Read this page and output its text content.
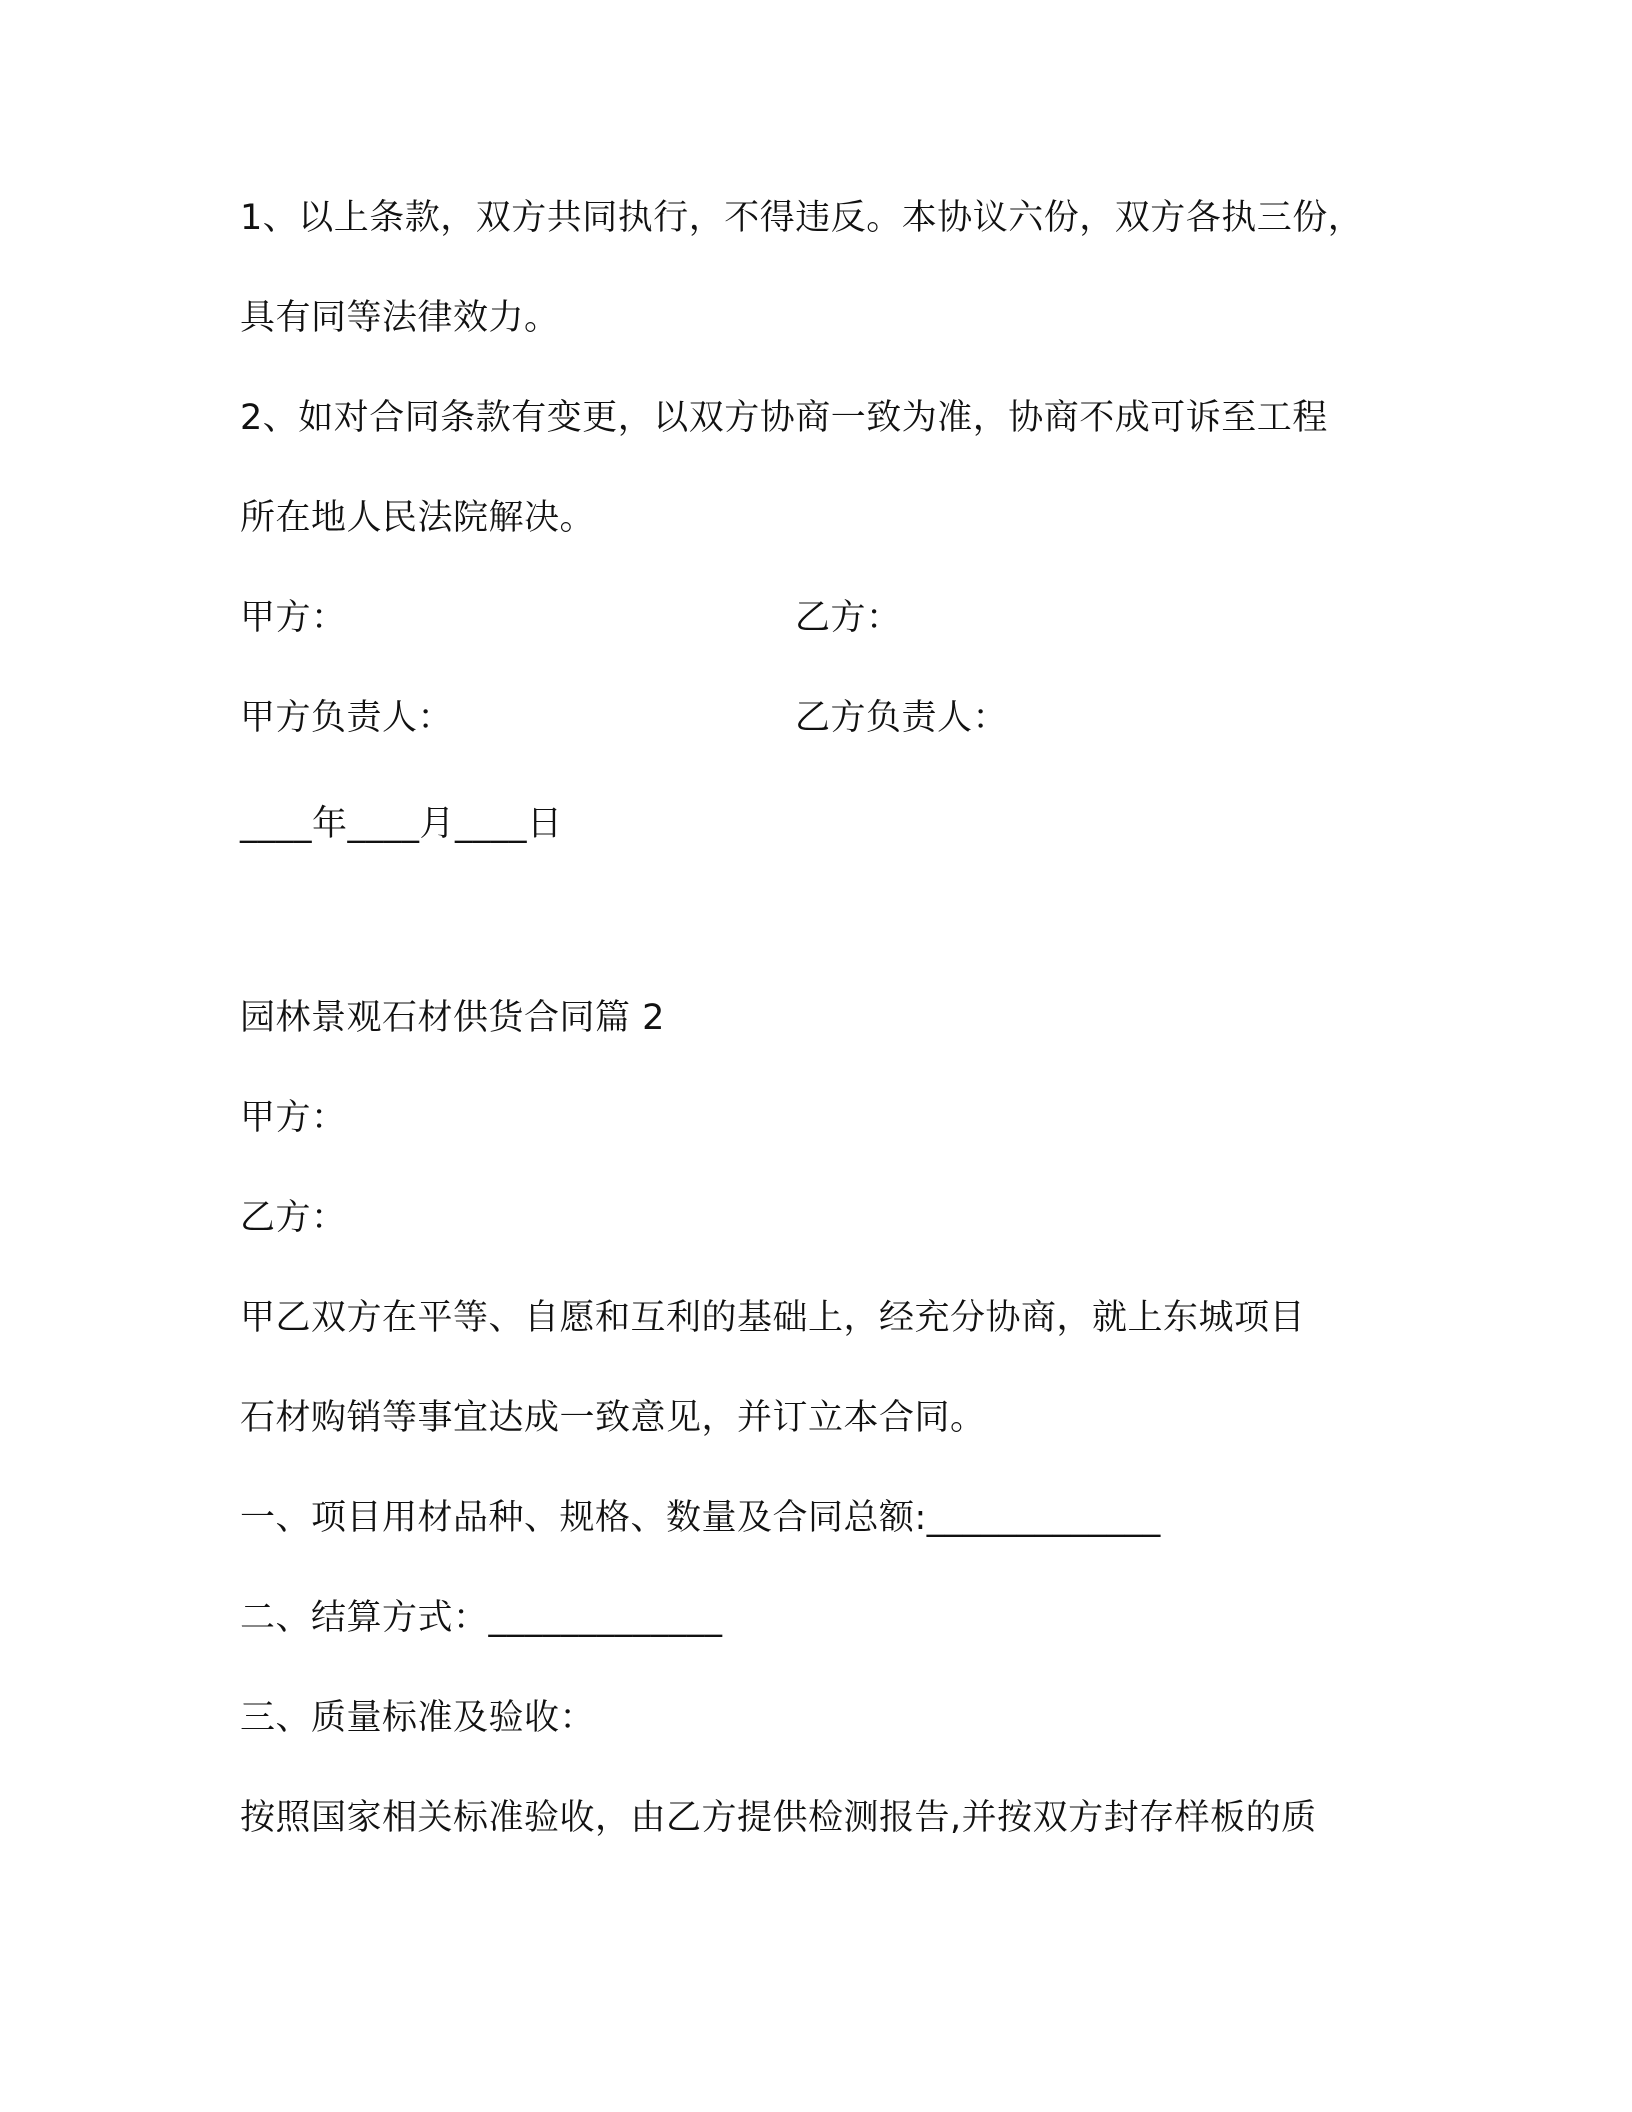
1、以上条款，双方共同执行，不得违反。本协议六份，双方各执三份，
具有同等法律效力。
2、如对合同条款有变更，以双方协商一致为准，协商不成可诉至工程
所在地人民法院解决。
甲方：	乙方：
甲方负责人：	乙方负责人：
____年____月____日
园林景观石材供货合同篇 2
甲方：
乙方：
甲乙双方在平等、自愿和互利的基础上，经充分协商，就上东城项目
石材购销等事宜达成一致意见，并订立本合同。
一、项目用材品种、规格、数量及合同总额:_____________
二、结算方式：_____________
三、质量标准及验收：
按照国家相关标准验收，由乙方提供检测报告,并按双方封存样板的质
